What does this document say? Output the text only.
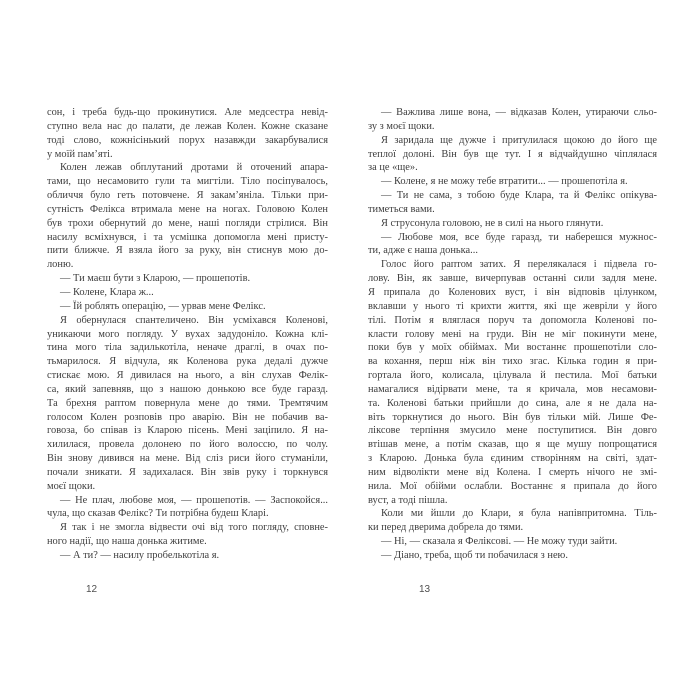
сон, і треба будь-що прокинутися. Але медсестра невід-
ступно вела нас до палати, де лежав Колен. Кожне сказане
тоді слово, кожнісінький порух назавжди закарбувалися
у моїй пам’яті.
Колен лежав обплутаний дротами й оточений апара-
тами, що несамовито гули та мигтіли. Тіло посіпувалось,
обличчя було геть потовчене. Я закам’яніла. Тільки при-
сутність Фелікса втримала мене на ногах. Головою Колен
був трохи обернутий до мене, наші погляди стрілися. Він
насилу всміхнувся, і та усмішка допомогла мені присту-
пити ближче. Я взяла його за руку, він стиснув мою до-
лоню.
— Ти маєш бути з Кларою, — прошепотів.
— Колене, Клара ж...
— Їй роблять операцію, — урвав мене Фелікс.
Я обернулася спантеличено. Він усміхався Коленові,
уникаючи мого погляду. У вухах задудоніло. Кожна клі-
тина мого тіла задилькотіла, неначе драглі, в очах по-
тьмарилося. Я відчула, як Коленова рука дедалі дужче
стискає мою. Я дивилася на нього, а він слухав Фелік-
са, який запевняв, що з нашою донькою все буде гаразд.
Та брехня раптом повернула мене до тями. Тремтячим
голосом Колен розповів про аварію. Він не побачив ва-
говоза, бо співав із Кларою пісень. Мені заціпило. Я на-
хилилася, провела долонею по його волоссю, по чолу.
Він знову дивився на мене. Від сліз риси його стуманіли,
почали зникати. Я задихалася. Він звів руку і торкнувся
моєї щоки.
— Не плач, любове моя, — прошепотів. — Заспокойся...
чула, що сказав Фелікс? Ти потрібна будеш Кларі.
Я так і не змогла відвести очі від того погляду, сповне-
ного надії, що наша донька житиме.
— А ти? — насилу пробелькотіла я.
— Важлива лише вона, — відказав Колен, утираючи сльо-
зу з моєї щоки.
Я заридала ще дужче і притулилася щокою до його ще
теплої долоні. Він був ще тут. І я відчайдушно чіплялася
за це «ще».
— Колене, я не можу тебе втратити... — прошепотіла я.
— Ти не сама, з тобою буде Клара, та й Фелікс опікува-
тиметься вами.
Я струсонула головою, не в силі на нього глянути.
— Любове моя, все буде гаразд, ти наберешся мужнос-
ти, адже є наша донька...
Голос його раптом затих. Я перелякалася і підвела го-
лову. Він, як завше, вичерпував останні сили задля мене.
Я припала до Коленових вуст, і він відповів цілунком,
вклавши у нього ті крихти життя, які ще жевріли у його
тілі. Потім я вляглася поруч та допомогла Коленові по-
класти голову мені на груди. Він не міг покинути мене,
поки був у моїх обіймах. Ми востаннє прошепотіли сло-
ва кохання, перш ніж він тихо згас. Кілька годин я при-
гортала його, колисала, цілувала й пестила. Мої батьки
намагалися відірвати мене, та я кричала, мов несамови-
та. Коленові батьки прийшли до сина, але я не дала на-
віть торкнутися до нього. Він був тільки мій. Лише Фе-
ліксове терпіння змусило мене поступитися. Він довго
втішав мене, а потім сказав, що я ще мушу попрощатися
з Кларою. Донька була єдиним створінням на світі, здат-
ним відволікти мене від Колена. І смерть нічого не змі-
нила. Мої обійми ослабли. Востаннє я припала до його
вуст, а тоді пішла.
Коли ми йшли до Клари, я була напівпритомна. Тіль-
ки перед дверима добрела до тями.
— Ні, — сказала я Феліксові. — Не можу туди зайти.
— Діано, треба, щоб ти побачилася з нею.
12	13
